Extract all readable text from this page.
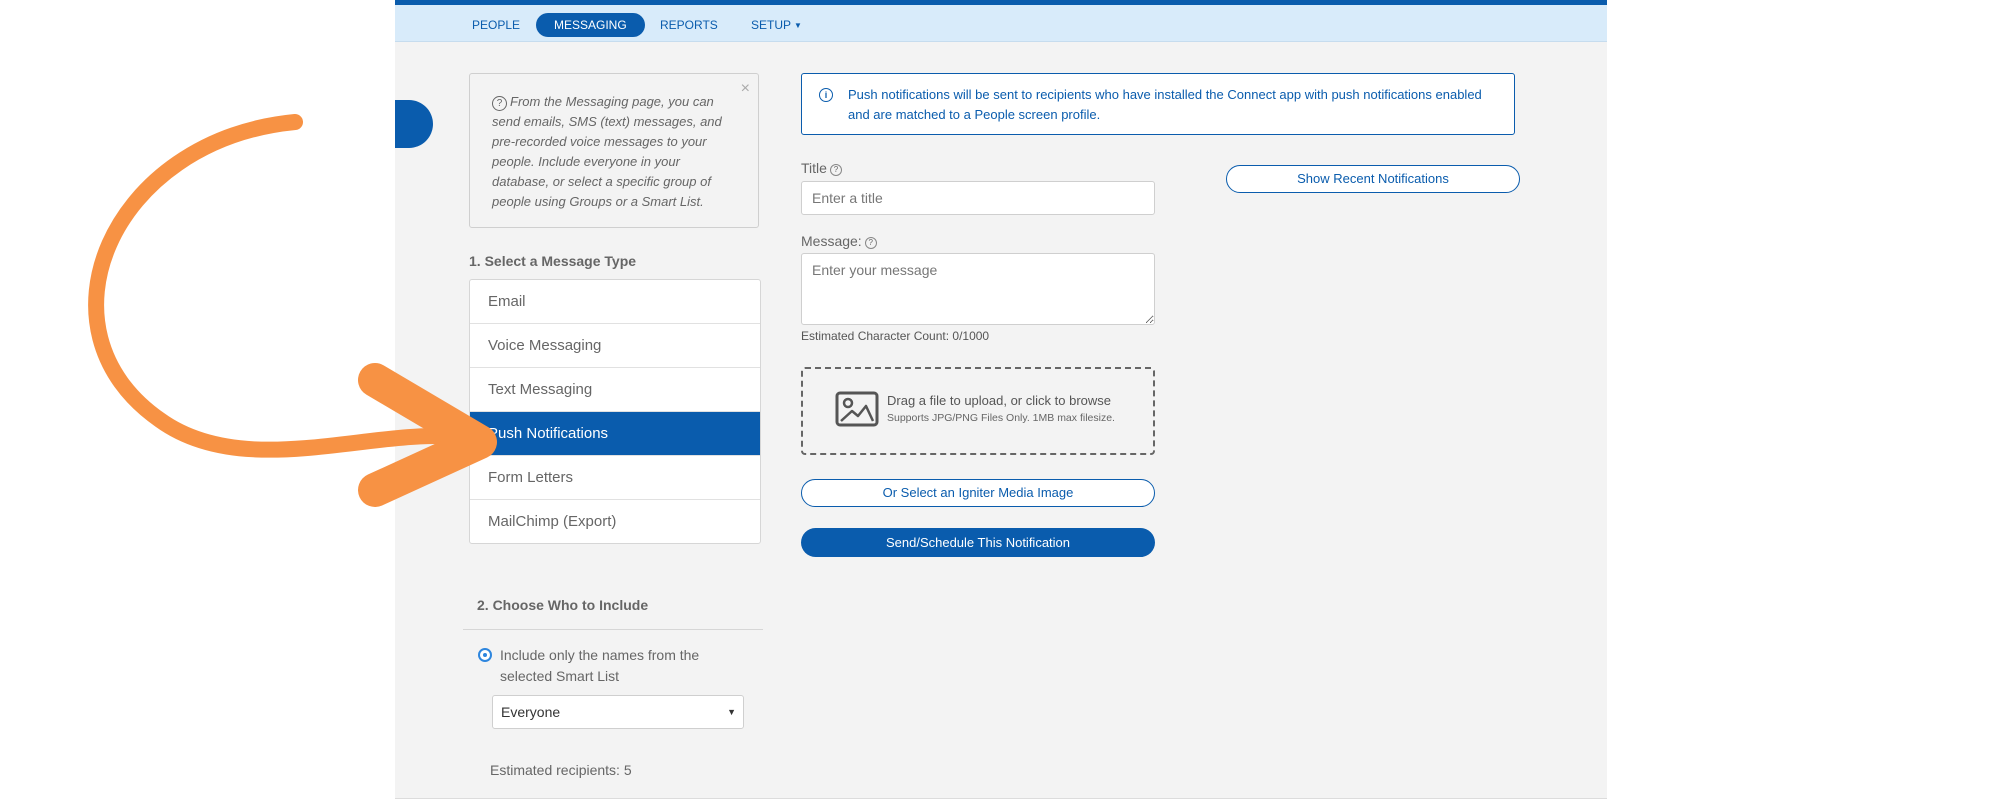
PEOPLE	MESSAGING	REPORTS	SETUP ▼
×
? From the Messaging page, you can send emails, SMS (text) messages, and pre-recorded voice messages to your people. Include everyone in your database, or select a specific group of people using Groups or a Smart List.
1. Select a Message Type
Email
Voice Messaging
Text Messaging
Push Notifications
Form Letters
MailChimp (Export)
2. Choose Who to Include
Include only the names from the selected Smart List
Everyone	▼
Estimated recipients: 5
i	Push notifications will be sent to recipients who have installed the Connect app with push notifications enabled and are matched to a People screen profile.
Title ?
Enter a title
Message: ?
Enter your message
Estimated Character Count: 0/1000
Drag a file to upload, or click to browse
Supports JPG/PNG Files Only. 1MB max filesize.
Or Select an Igniter Media Image
Send/Schedule This Notification
Show Recent Notifications
